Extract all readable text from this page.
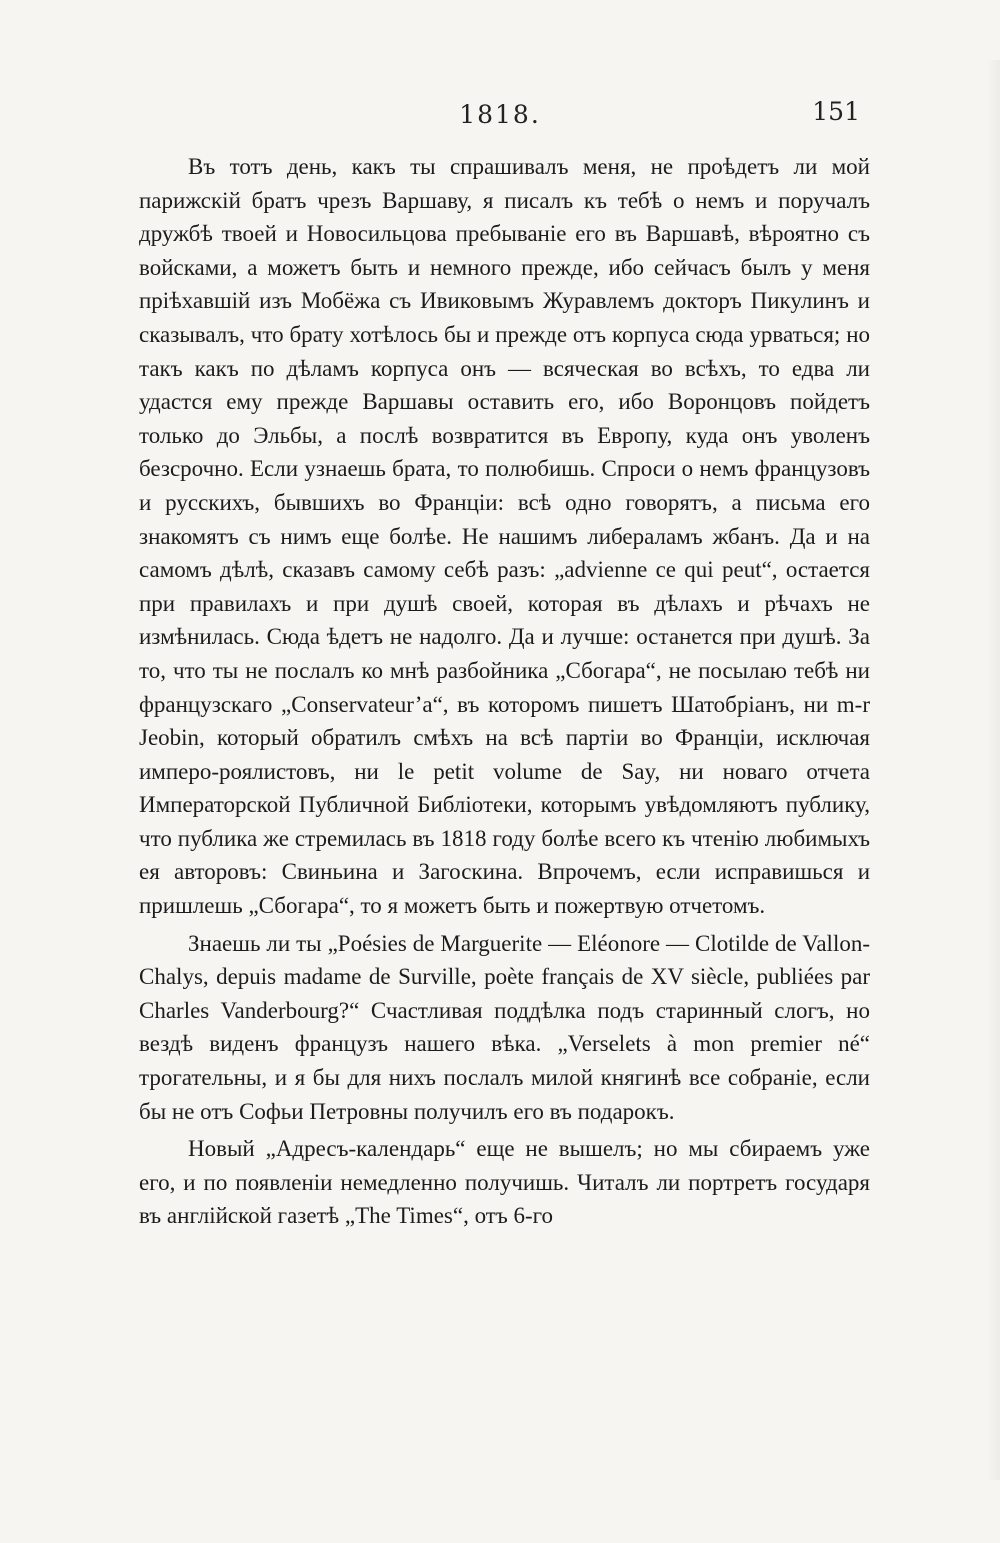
1818.	151

Въ тотъ день, какъ ты спрашивалъ меня, не проѣдетъ ли мой парижскій братъ чрезъ Варшаву, я писалъ къ тебѣ о немъ и поручалъ дружбѣ твоей и Новосильцова пребываніе его въ Варшавѣ, вѣроятно съ войсками, а можетъ быть и немного прежде, ибо сейчасъ былъ у меня пріѣхавшій изъ Мобёжа съ Ивиковымъ Журавлемъ докторъ Пикулинъ и сказывалъ, что брату хотѣлось бы и прежде отъ корпуса сюда урваться; но такъ какъ по дѣламъ корпуса онъ — всяческая во всѣхъ, то едва ли удастся ему прежде Варшавы оставить его, ибо Воронцовъ пойдетъ только до Эльбы, а послѣ возвратится въ Европу, куда онъ уволенъ безсрочно. Если узнаешь брата, то полюбишь. Спроси о немъ французовъ и русскихъ, бывшихъ во Франціи: всѣ одно говорятъ, а письма его знакомятъ съ нимъ еще болѣе. Не нашимъ либераламъ жбанъ. Да и на самомъ дѣлѣ, сказавъ самому себѣ разъ: „advienne ce qui peut“, остается при правилахъ и при душѣ своей, которая въ дѣлахъ и рѣчахъ не измѣнилась. Сюда ѣдетъ не надолго. Да и лучше: останется при душѣ. За то, что ты не послалъ ко мнѣ разбойника „Сбогара“, не посылаю тебѣ ни французскаго „Conservateur’a“, въ которомъ пишетъ Шатобріанъ, ни m-r Jeobin, который обратилъ смѣхъ на всѣ партіи во Франціи, исключая имперо-роялистовъ, ни le petit volume de Say, ни новаго отчета Императорской Публичной Библіотеки, которымъ увѣдомляютъ публику, что публика же стремилась въ 1818 году болѣе всего къ чтенію любимыхъ ея авторовъ: Свиньина и Загоскина. Впрочемъ, если исправишься и пришлешь „Сбогара“, то я можетъ быть и пожертвую отчетомъ.

Знаешь ли ты „Poésies de Marguerite — Eléonore — Clotilde de Vallon-Chalys, depuis madame de Surville, poète français de XV siècle, publiées par Charles Vanderbourg?“ Счастливая поддѣлка подъ старинный слогъ, но вездѣ виденъ французъ нашего вѣка. „Verselets à mon premier né“ трогательны, и я бы для нихъ послалъ милой княгинѣ все собраніе, если бы не отъ Софьи Петровны получилъ его въ подарокъ.

Новый „Адресъ-календарь“ еще не вышелъ; но мы сбираемъ уже его, и по появленіи немедленно получишь. Читалъ ли портретъ государя въ англійской газетѣ „The Times“, отъ 6-го
